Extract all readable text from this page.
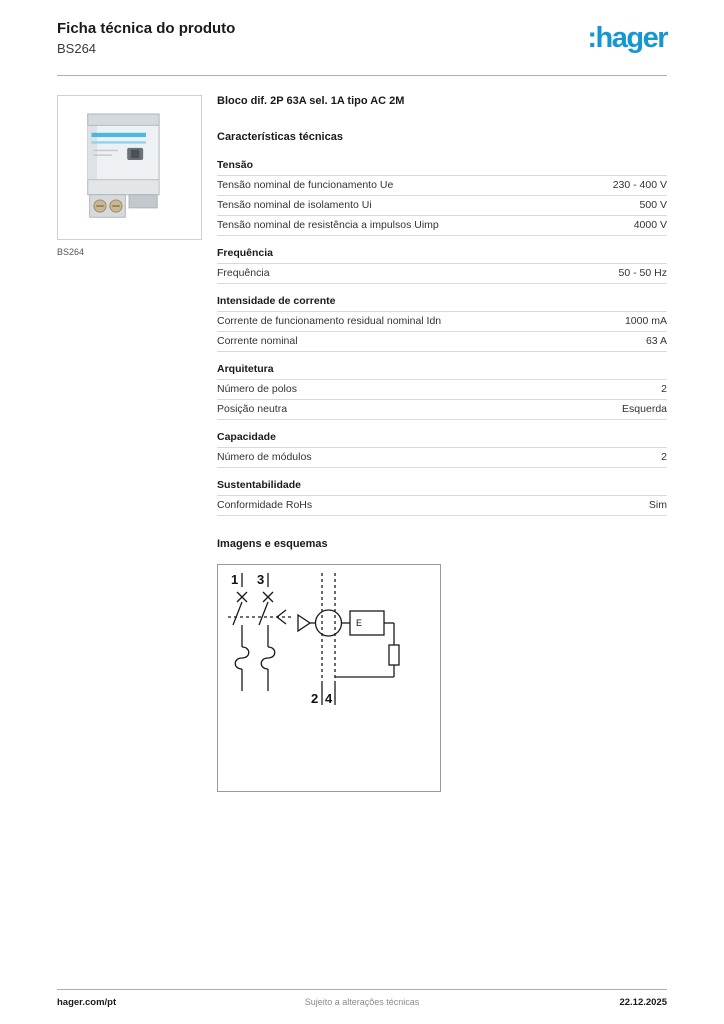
Ficha técnica do produto
BS264	:hager
BS264
Bloco dif. 2P 63A sel. 1A tipo AC 2M
Características técnicas
Tensão
Tensão nominal de funcionamento Ue	230 - 400 V
Tensão nominal de isolamento Ui	500 V
Tensão nominal de resistência a impulsos Uimp	4000 V
Frequência
Frequência	50 - 50 Hz
Intensidade de corrente
Corrente de funcionamento residual nominal Idn	1000 mA
Corrente nominal	63 A
Arquitetura
Número de polos	2
Posição neutra	Esquerda
Capacidade
Número de módulos	2
Sustentabilidade
Conformidade RoHs	Sim
Imagens e esquemas
1 3
2 4
E
hager.com/pt	Sujeito a alterações técnicas	22.12.2025
